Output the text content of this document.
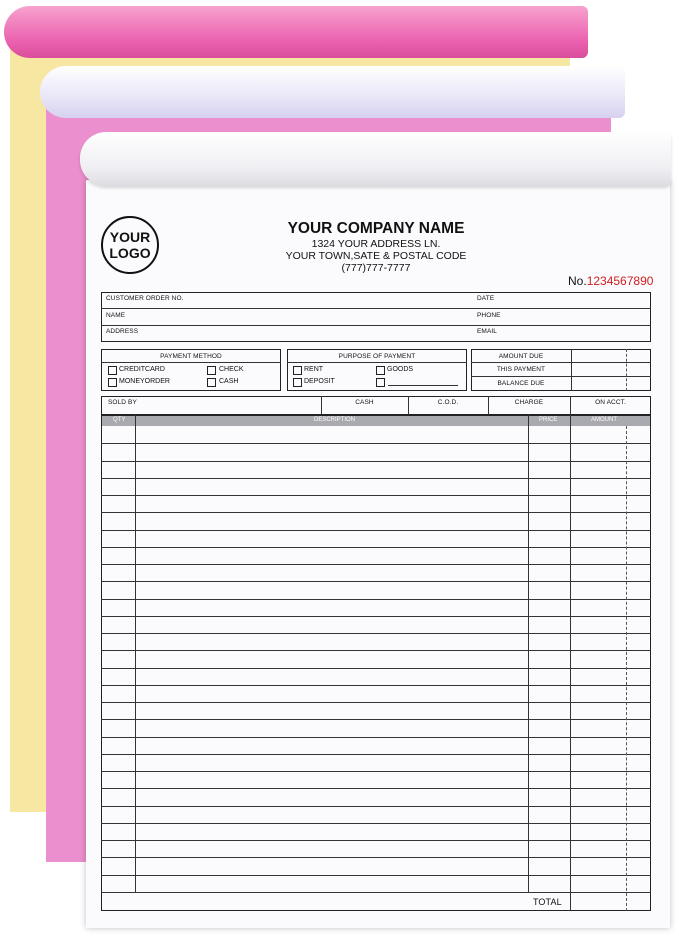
YOUR
LOGO
YOUR COMPANY NAME
1324 YOUR ADDRESS LN.
YOUR TOWN,SATE & POSTAL CODE
(777)777-7777
No.1234567890
CUSTOMER ORDER NO.	DATE
NAME	PHONE
ADDRESS	EMAIL
PAYMENT METHOD
CREDITCARD	CHECK
MONEYORDER	CASH
PURPOSE OF PAYMENT
RENT	GOODS
DEPOSIT
AMOUNT DUE
THIS PAYMENT
BALANCE DUE
SOLD BY	CASH	C.O.D.	CHARGE	ON ACCT.
QTY	DESCRIPTION	PRICE	AMOUNT
TOTAL
